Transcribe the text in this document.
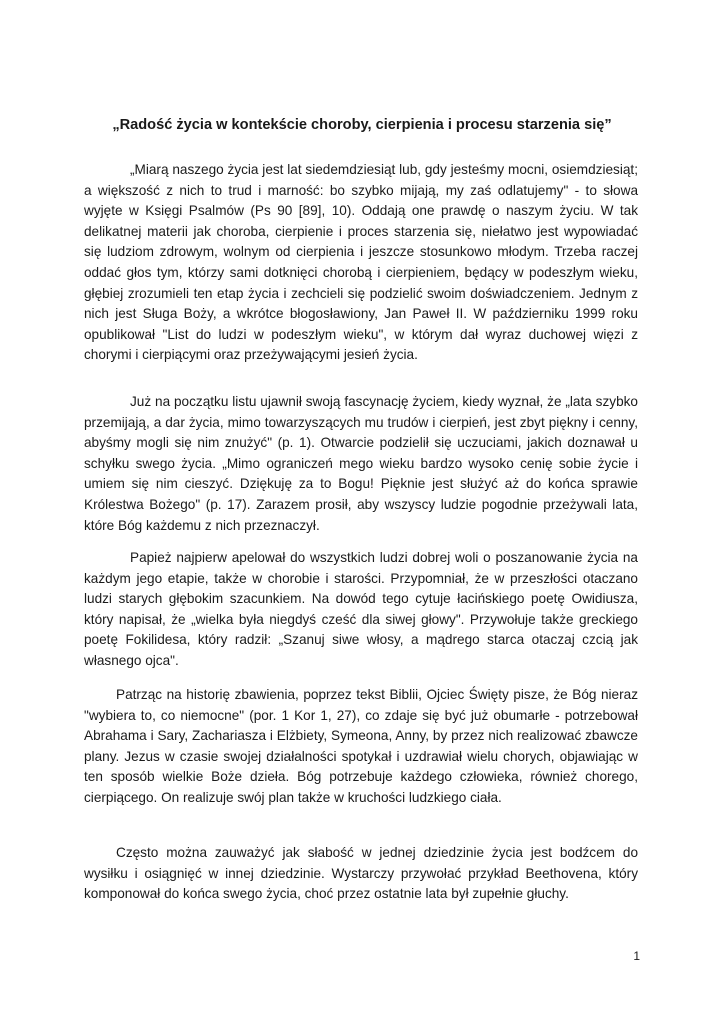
„Radość życia w kontekście choroby, cierpienia i procesu starzenia się”

„Miarą naszego życia jest lat siedemdziesiąt lub, gdy jesteśmy mocni, osiemdziesiąt; a większość z nich to trud i marność: bo szybko mijają, my zaś odlatujemy" - to słowa wyjęte w Księgi Psalmów (Ps 90 [89], 10). Oddają one prawdę o naszym życiu. W tak delikatnej materii jak choroba, cierpienie i proces starzenia się, niełatwo jest wypowiadać się ludziom zdrowym, wolnym od cierpienia i jeszcze stosunkowo młodym. Trzeba raczej oddać głos tym, którzy sami dotknięci chorobą i cierpieniem, będący w podeszłym wieku, głębiej zrozumieli ten etap życia i zechcieli się podzielić swoim doświadczeniem. Jednym z nich jest Sługa Boży, a wkrótce błogosławiony, Jan Paweł II. W październiku 1999 roku opublikował "List do ludzi w podeszłym wieku", w którym dał wyraz duchowej więzi z chorymi i cierpiącymi oraz przeżywającymi jesień życia.

Już na początku listu ujawnił swoją fascynację życiem, kiedy wyznał, że „lata szybko przemijają, a dar życia, mimo towarzyszących mu trudów i cierpień, jest zbyt piękny i cenny, abyśmy mogli się nim znużyć" (p. 1). Otwarcie podzielił się uczuciami, jakich doznawał u schyłku swego życia. „Mimo ograniczeń mego wieku bardzo wysoko cenię sobie życie i umiem się nim cieszyć. Dziękuję za to Bogu! Pięknie jest służyć aż do końca sprawie Królestwa Bożego" (p. 17). Zarazem prosił, aby wszyscy ludzie pogodnie przeżywali lata, które Bóg każdemu z nich przeznaczył.

Papież najpierw apelował do wszystkich ludzi dobrej woli o poszanowanie życia na każdym jego etapie, także w chorobie i starości. Przypomniał, że w przeszłości otaczano ludzi starych głębokim szacunkiem. Na dowód tego cytuje łacińskiego poetę Owidiusza, który napisał, że „wielka była niegdyś cześć dla siwej głowy". Przywołuje także greckiego poetę Fokilidesa, który radził: „Szanuj siwe włosy, a mądrego starca otaczaj czcią jak własnego ojca".

Patrząc na historię zbawienia, poprzez tekst Biblii, Ojciec Święty pisze, że Bóg nieraz "wybiera to, co niemocne" (por. 1 Kor 1, 27), co zdaje się być już obumarłe - potrzebował Abrahama i Sary, Zachariasza i Elżbiety, Symeona, Anny, by przez nich realizować zbawcze plany. Jezus w czasie swojej działalności spotykał i uzdrawiał wielu chorych, objawiając w ten sposób wielkie Boże dzieła. Bóg potrzebuje każdego człowieka, również chorego, cierpiącego. On realizuje swój plan także w kruchości ludzkiego ciała.

Często można zauważyć jak słabość w jednej dziedzinie życia jest bodźcem do wysiłku i osiągnięć w innej dziedzinie. Wystarczy przywołać przykład Beethovena, który komponował do końca swego życia, choć przez ostatnie lata był zupełnie głuchy.

1
